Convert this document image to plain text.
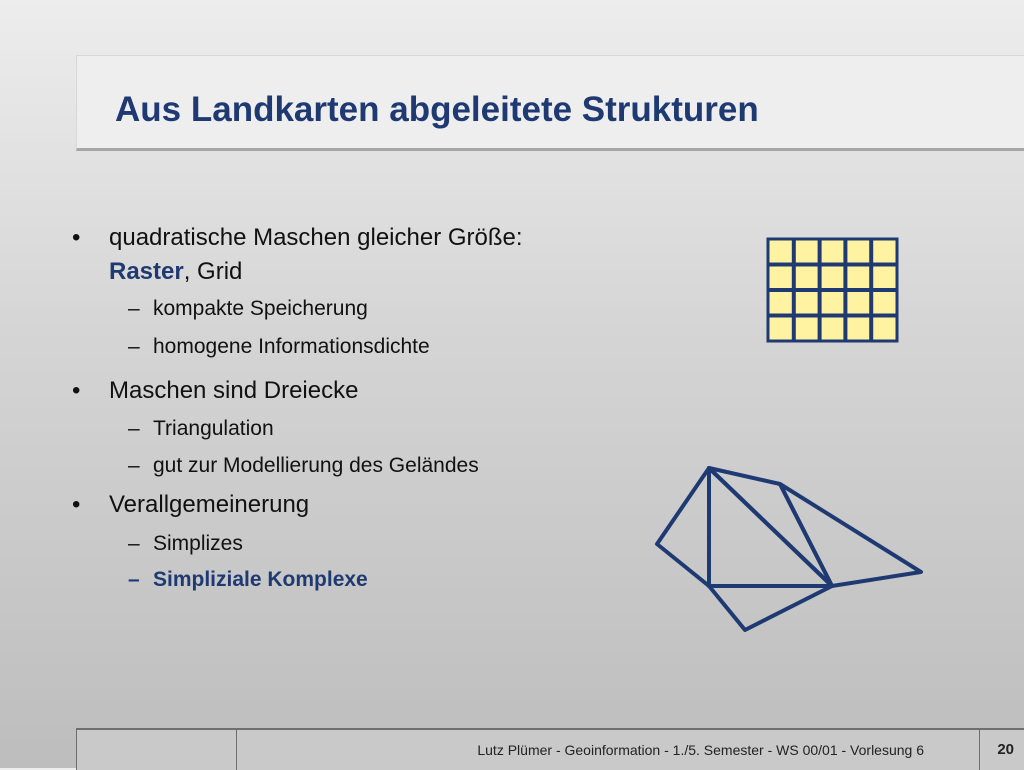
Aus Landkarten abgeleitete Strukturen
• quadratische Maschen gleicher Größe:
Raster, Grid
– kompakte Speicherung
– homogene Informationsdichte
• Maschen sind Dreiecke
– Triangulation
– gut zur Modellierung des Geländes
• Verallgemeinerung
– Simplizes
– Simpliziale Komplexe
Lutz Plümer - Geoinformation - 1./5. Semester - WS 00/01 - Vorlesung 6	20
